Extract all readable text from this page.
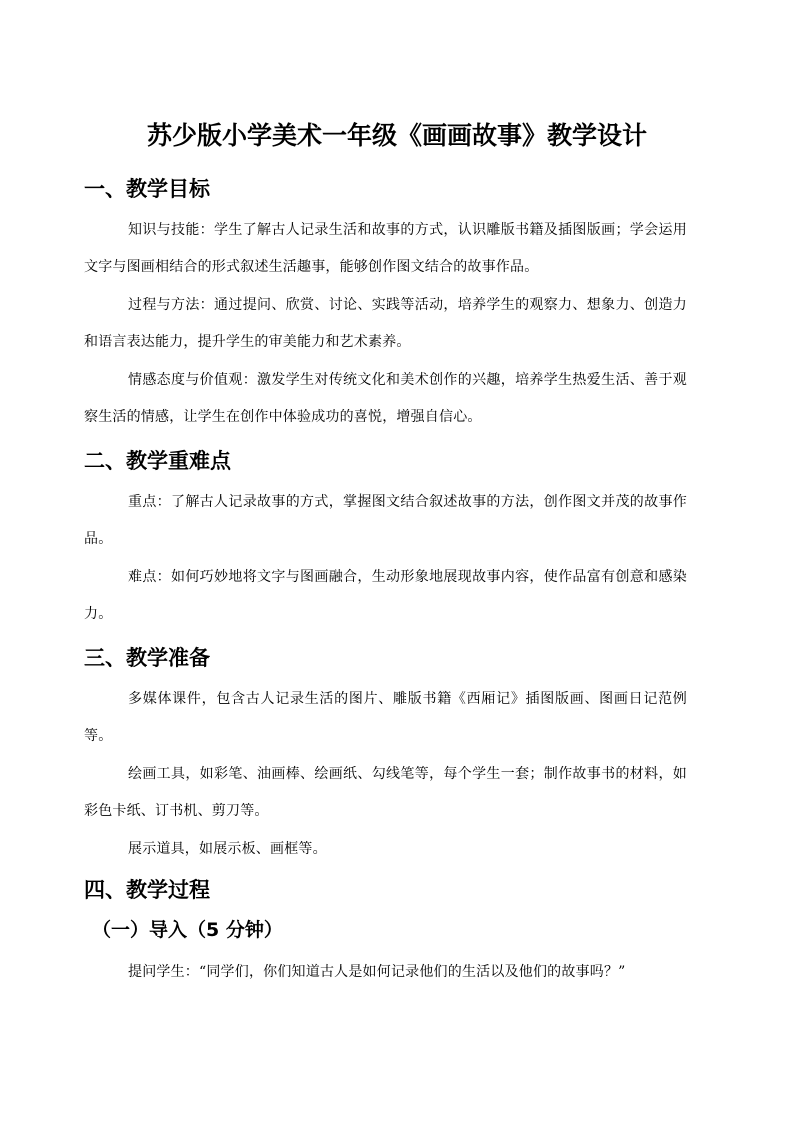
苏少版小学美术一年级《画画故事》教学设计
一、教学目标

知识与技能：学生了解古人记录生活和故事的方式，认识雕版书籍及插图版画；学会运用文字与图画相结合的形式叙述生活趣事，能够创作图文结合的故事作品。

过程与方法：通过提问、欣赏、讨论、实践等活动，培养学生的观察力、想象力、创造力和语言表达能力，提升学生的审美能力和艺术素养。

情感态度与价值观：激发学生对传统文化和美术创作的兴趣，培养学生热爱生活、善于观察生活的情感，让学生在创作中体验成功的喜悦，增强自信心。

二、教学重难点

重点：了解古人记录故事的方式，掌握图文结合叙述故事的方法，创作图文并茂的故事作品。

难点：如何巧妙地将文字与图画融合，生动形象地展现故事内容，使作品富有创意和感染力。

三、教学准备

多媒体课件，包含古人记录生活的图片、雕版书籍《西厢记》插图版画、图画日记范例等。

绘画工具，如彩笔、油画棒、绘画纸、勾线笔等，每个学生一套；制作故事书的材料，如彩色卡纸、订书机、剪刀等。

展示道具，如展示板、画框等。

四、教学过程
（一）导入（5 分钟）

提问学生：“同学们，你们知道古人是如何记录他们的生活以及他们的故事吗？”
